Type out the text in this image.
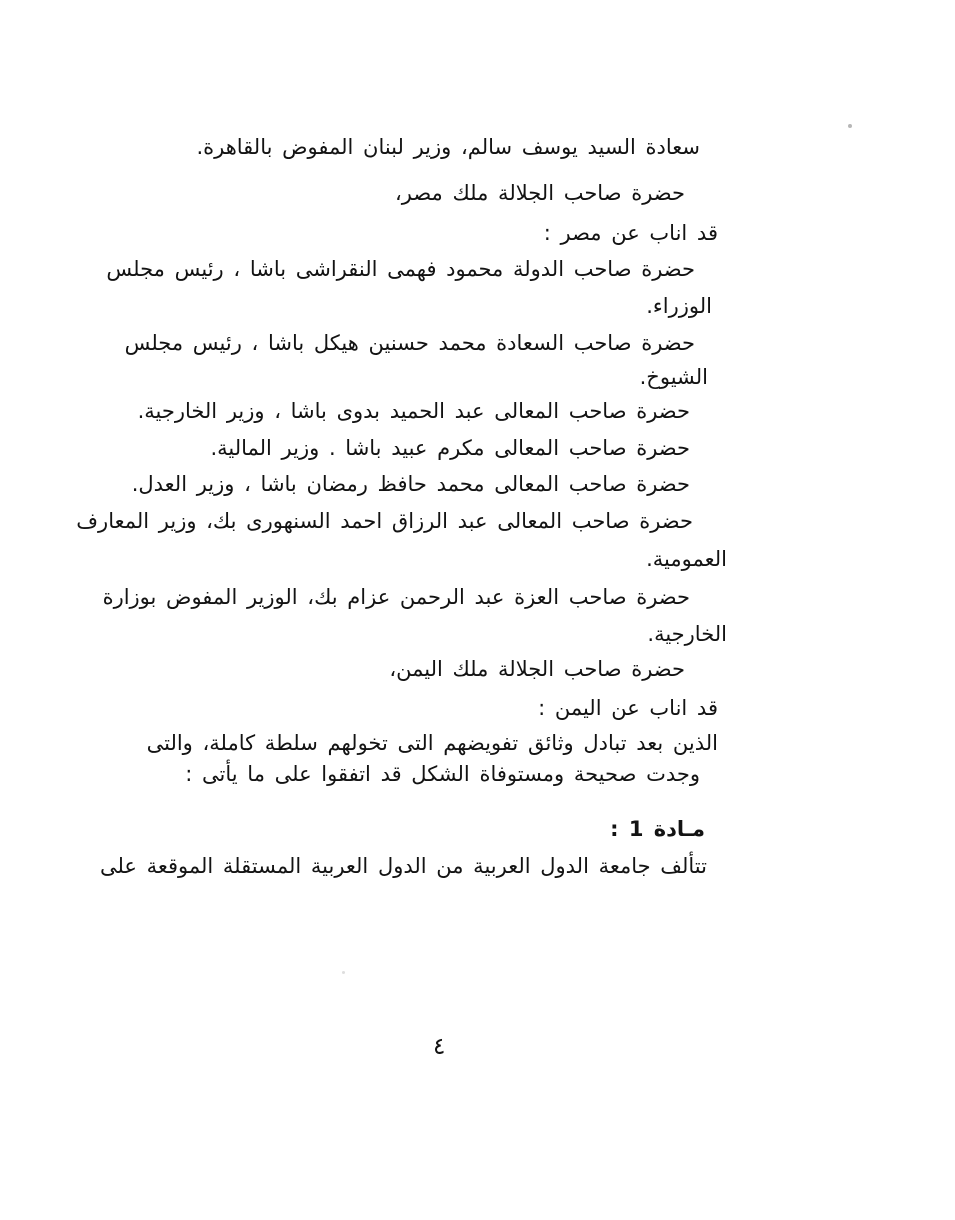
سعادة السيد يوسف سالم، وزير لبنان المفوض بالقاهرة.
حضرة صاحب الجلالة ملك مصر،
قد اناب عن مصر :
حضرة صاحب الدولة محمود فهمى النقراشى باشا ، رئيس مجلس
الوزراء.
حضرة صاحب السعادة محمد حسنين هيكل باشا ، رئيس مجلس
الشيوخ.
حضرة صاحب المعالى عبد الحميد بدوى باشا ، وزير الخارجية.
حضرة صاحب المعالى مكرم عبيد باشا . وزير المالية.
حضرة صاحب المعالى محمد حافظ رمضان باشا ، وزير العدل.
حضرة صاحب المعالى عبد الرزاق احمد السنهورى بك، وزير المعارف
العمومية.
حضرة صاحب العزة عبد الرحمن عزام بك، الوزير المفوض بوزارة
الخارجية.
حضرة صاحب الجلالة ملك اليمن،
قد اناب عن اليمن :
الذين بعد تبادل وثائق تفويضهم التى تخولهم سلطة كاملة، والتى
وجدت صحيحة ومستوفاة الشكل قد اتفقوا على ما يأتى :
مـادة 1 :
تتألف جامعة الدول العربية من الدول العربية المستقلة الموقعة على
٤
